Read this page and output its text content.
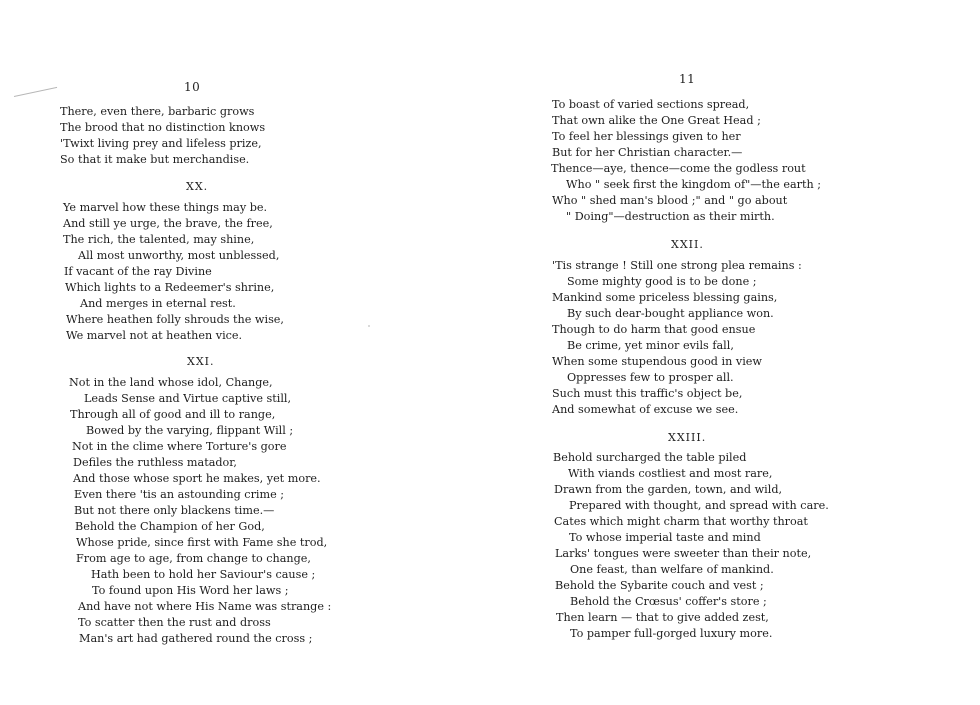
10
There, even there, barbaric grows
The brood that no distinction knows
'Twixt living prey and lifeless prize,
So that it make but merchandise.
XX.
Ye marvel how these things may be.
And still ye urge, the brave, the free,
The rich, the talented, may shine,
All most unworthy, most unblessed,
If vacant of the ray Divine
Which lights to a Redeemer's shrine,
And merges in eternal rest.
Where heathen folly shrouds the wise,
We marvel not at heathen vice.
XXI.
Not in the land whose idol, Change,
Leads Sense and Virtue captive still,
Through all of good and ill to range,
Bowed by the varying, flippant Will ;
Not in the clime where Torture's gore
Defiles the ruthless matador,
And those whose sport he makes, yet more.
Even there 'tis an astounding crime ;
But not there only blackens time.—
Behold the Champion of her God,
Whose pride, since first with Fame she trod,
From age to age, from change to change,
Hath been to hold her Saviour's cause ;
To found upon His Word her laws ;
And have not where His Name was strange :
To scatter then the rust and dross
Man's art had gathered round the cross ;
11
To boast of varied sections spread,
That own alike the One Great Head ;
To feel her blessings given to her
But for her Christian character.—
Thence—aye, thence—come the godless rout
Who " seek first the kingdom of"—the earth ;
Who " shed man's blood ;" and " go about
" Doing"—destruction as their mirth.
XXII.
'Tis strange ! Still one strong plea remains :
Some mighty good is to be done ;
Mankind some priceless blessing gains,
By such dear-bought appliance won.
Though to do harm that good ensue
Be crime, yet minor evils fall,
When some stupendous good in view
Oppresses few to prosper all.
Such must this traffic's object be,
And somewhat of excuse we see.
XXIII.
Behold surcharged the table piled
With viands costliest and most rare,
Drawn from the garden, town, and wild,
Prepared with thought, and spread with care.
Cates which might charm that worthy throat
To whose imperial taste and mind
Larks' tongues were sweeter than their note,
One feast, than welfare of mankind.
Behold the Sybarite couch and vest ;
Behold the Crœsus' coffer's store ;
Then learn — that to give added zest,
To pamper full-gorged luxury more.
